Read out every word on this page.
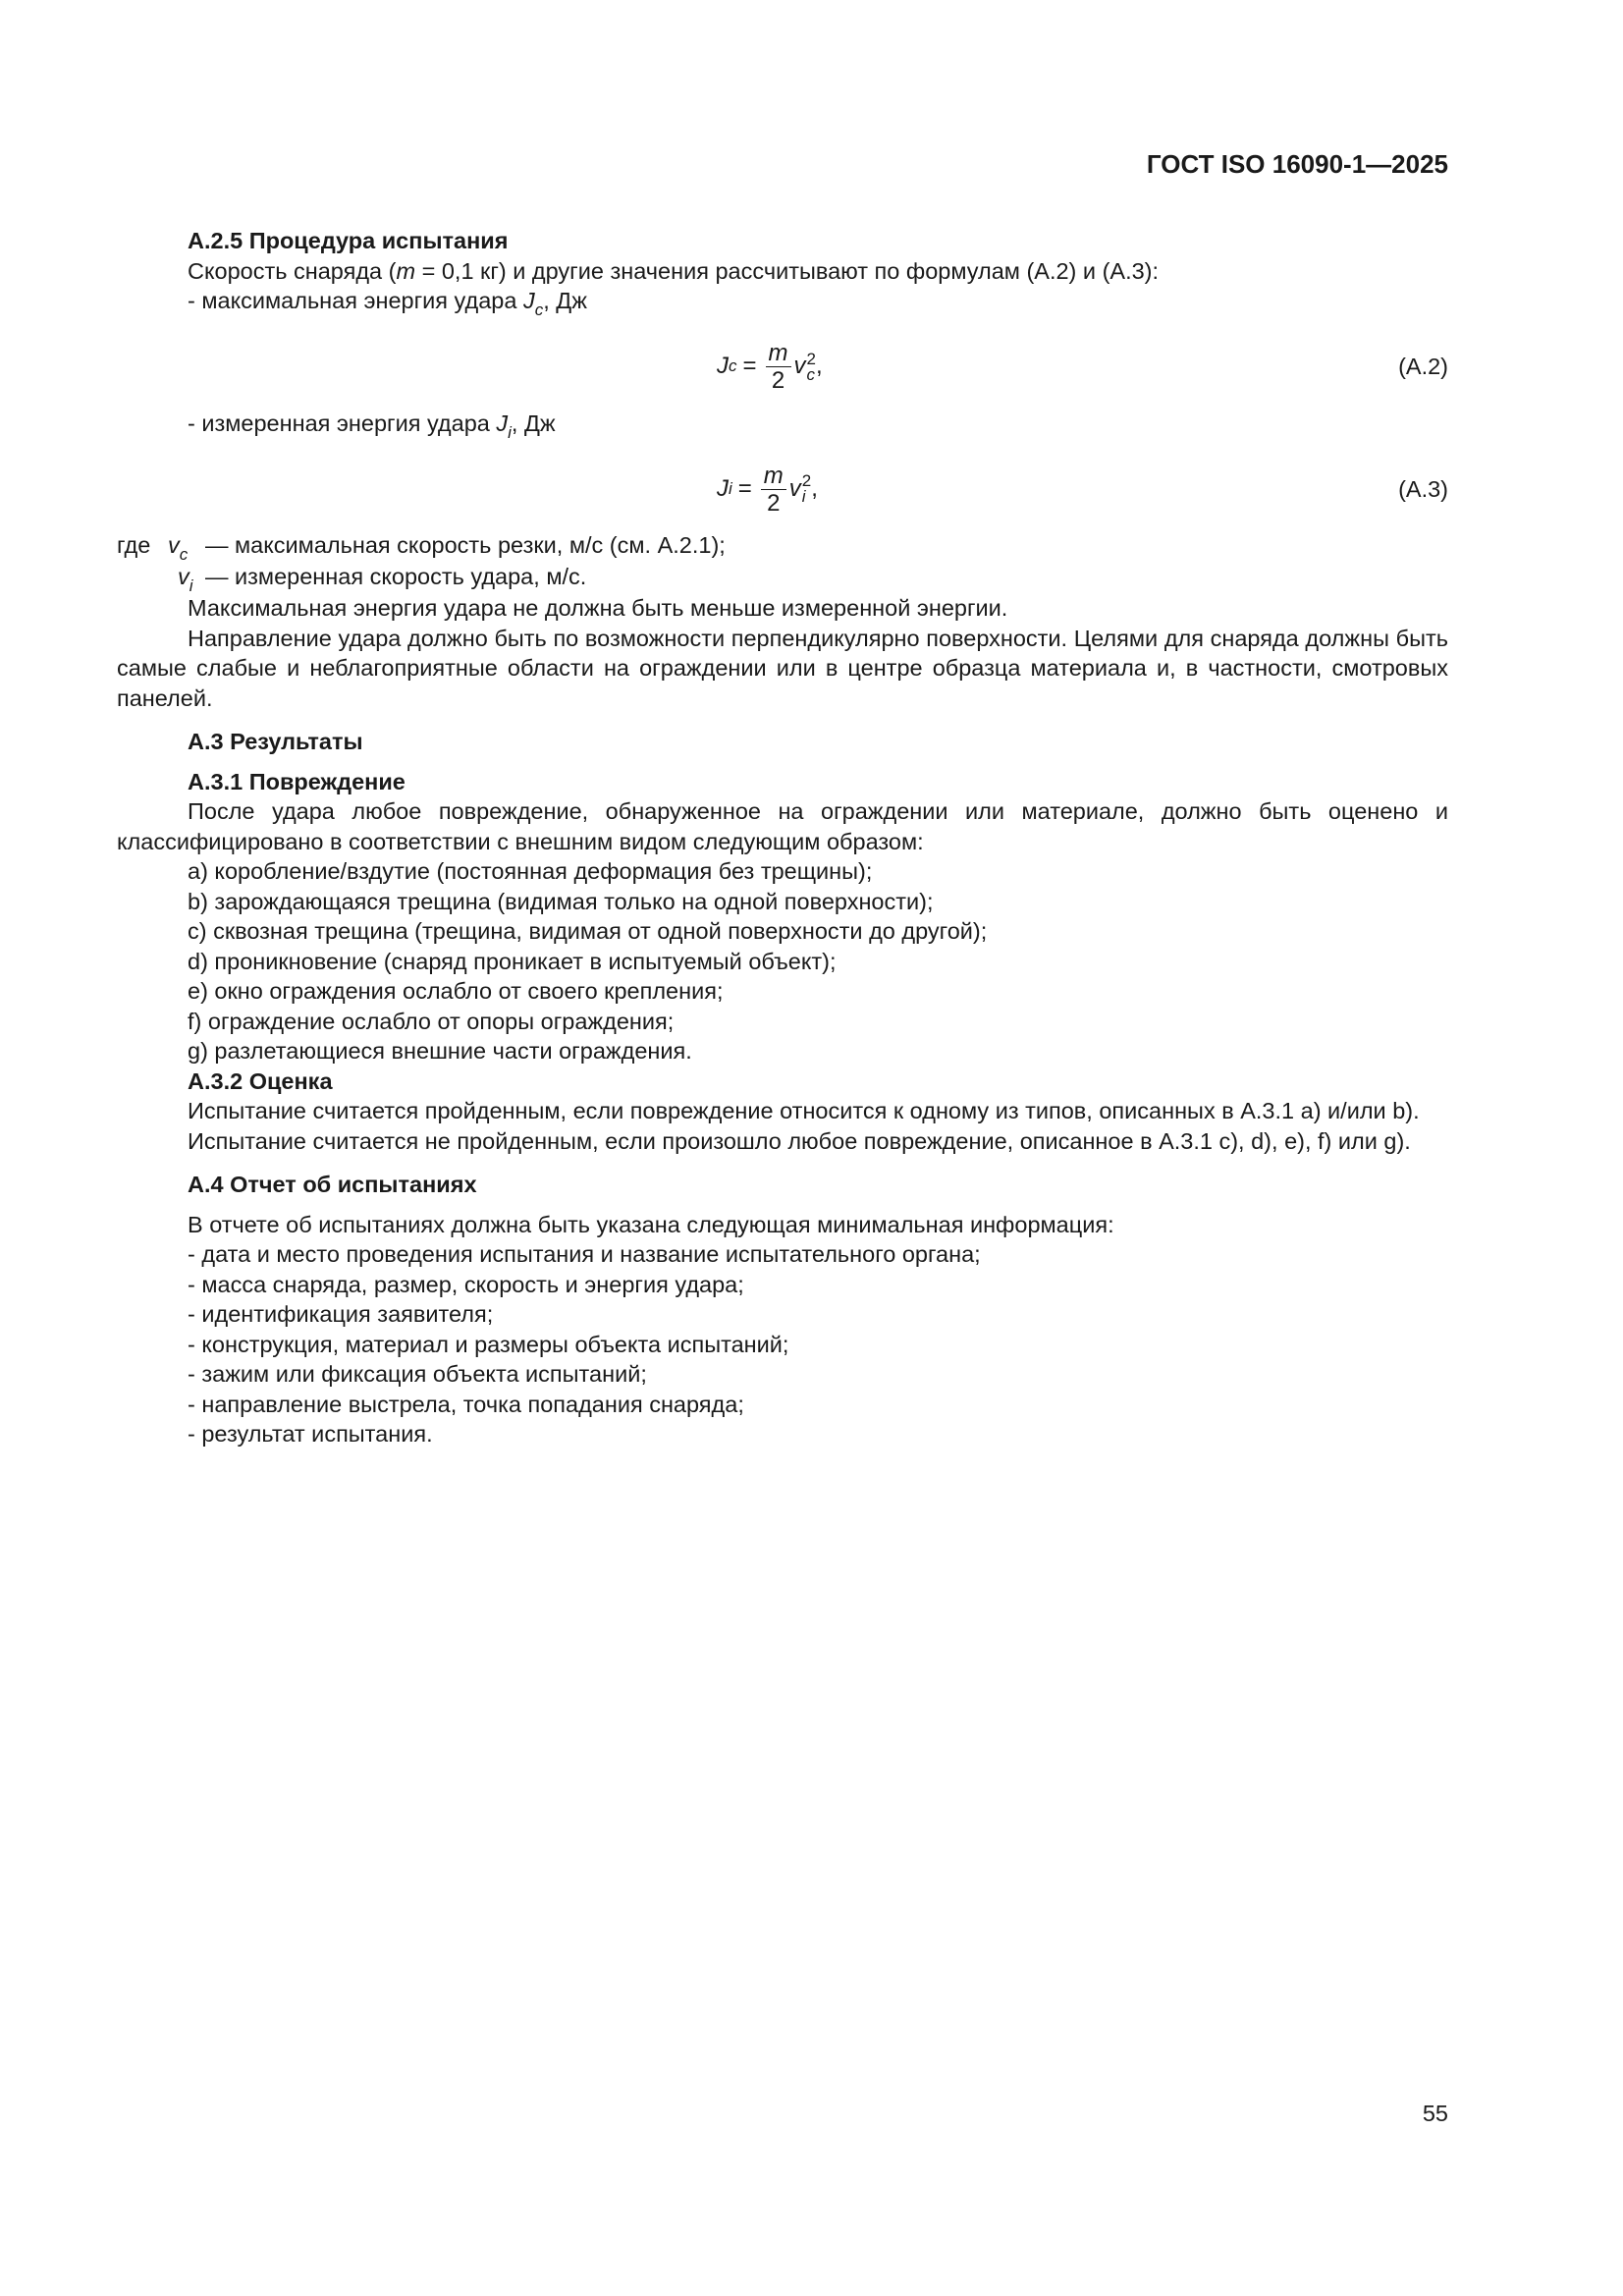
ГОСТ ISO 16090-1—2025

А.2.5 Процедура испытания

Скорость снаряда (m = 0,1 кг) и другие значения рассчитывают по формулам (А.2) и (А.3):

- максимальная энергия удара $J_c$, Дж

J $c = \frac{m}{2}$ v 2
c ,	(А.2)

- измеренная энергия удара $J_i$, Дж

J $i = \frac{m}{2}$ v 2
i ,	(А.3)
где $v_c$ — максимальная скорость резки, м/с (см. А.2.1);
$v_i$ — измеренная скорость удара, м/с.

Максимальная энергия удара не должна быть меньше измеренной энергии.

Направление удара должно быть по возможности перпендикулярно поверхности. Целями для снаряда должны быть самые слабые и неблагоприятные области на ограждении или в центре образца материала и, в частности, смотровых панелей.

А.3 Результаты

А.3.1 Повреждение

После удара любое повреждение, обнаруженное на ограждении или материале, должно быть оценено и классифицировано в соответствии с внешним видом следующим образом:

a) коробление/вздутие (постоянная деформация без трещины);

b) зарождающаяся трещина (видимая только на одной поверхности);

c) сквозная трещина (трещина, видимая от одной поверхности до другой);

d) проникновение (снаряд проникает в испытуемый объект);

e) окно ограждения ослабло от своего крепления;

f) ограждение ослабло от опоры ограждения;

g) разлетающиеся внешние части ограждения.

А.3.2 Оценка

Испытание считается пройденным, если повреждение относится к одному из типов, описанных в А.3.1 а) и/или b).

Испытание считается не пройденным, если произошло любое повреждение, описанное в А.3.1 c), d), e), f) или g).

А.4 Отчет об испытаниях

В отчете об испытаниях должна быть указана следующая минимальная информация:

- дата и место проведения испытания и название испытательного органа;

- масса снаряда, размер, скорость и энергия удара;

- идентификация заявителя;

- конструкция, материал и размеры объекта испытаний;

- зажим или фиксация объекта испытаний;

- направление выстрела, точка попадания снаряда;

- результат испытания.

55
